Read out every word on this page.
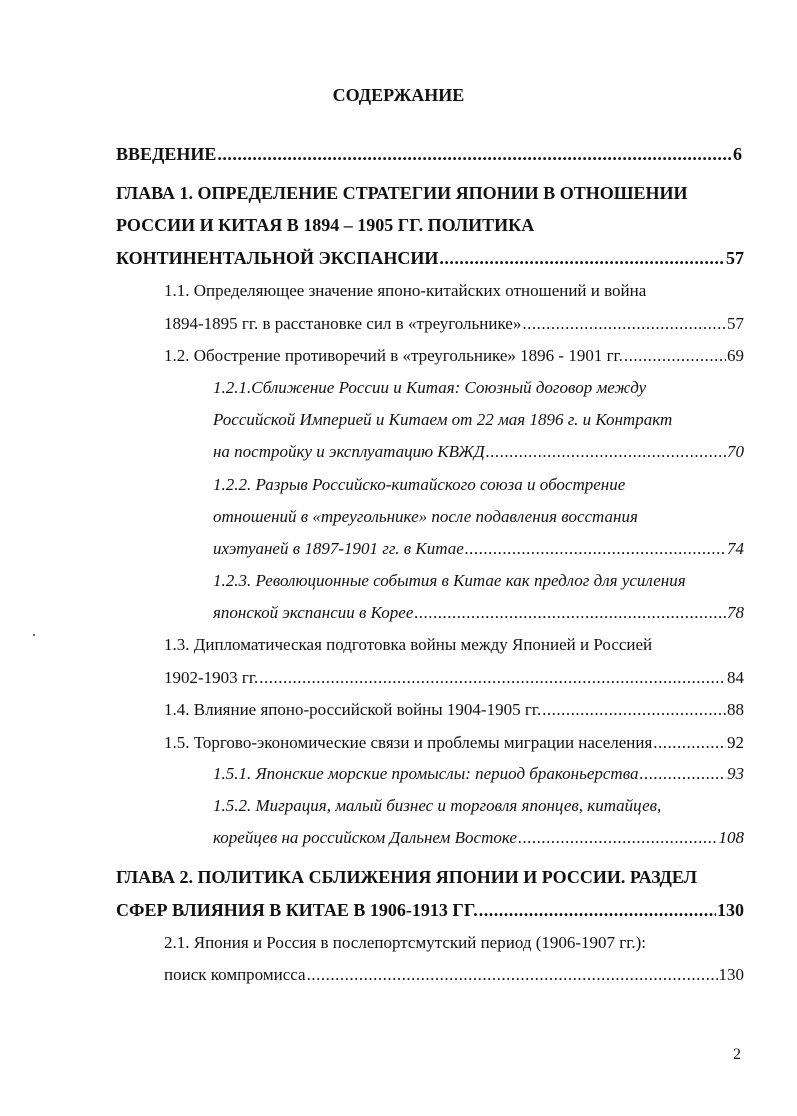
СОДЕРЖАНИЕ
ВВЕДЕНИЕ .....	6
ГЛАВА 1. ОПРЕДЕЛЕНИЕ СТРАТЕГИИ ЯПОНИИ В ОТНОШЕНИИ
РОССИИ И КИТАЯ В 1894 – 1905 ГГ. ПОЛИТИКА
КОНТИНЕНТАЛЬНОЙ ЭКСПАНСИИ .....	57
1.1. Определяющее значение японо-китайских отношений и война
1894-1895 гг. в расстановке сил в «треугольнике» .....	57
1.2. Обострение противоречий в «треугольнике» 1896 - 1901 гг. .....	69
1.2.1.Сближение России и Китая: Союзный договор между
Российской Империей и Китаем от 22 мая 1896 г. и Контракт
на постройку и эксплуатацию КВЖД .....	70
1.2.2. Разрыв Российско-китайского союза и обострение
отношений в «треугольнике» после подавления восстания
ихэтуаней в 1897-1901 гг. в Китае .....	74
1.2.3. Революционные события в Китае как предлог для усиления
японской экспансии в Корее .....	78
1.3. Дипломатическая подготовка войны между Японией и Россией
1902-1903 гг. .....	84
1.4. Влияние японо-российской войны 1904-1905 гг. .....	88
1.5. Торгово-экономические связи и проблемы миграции населения .....	92
1.5.1. Японские морские промыслы: период браконьерства .....	93
1.5.2. Миграция, малый бизнес и торговля японцев, китайцев,
корейцев на российском Дальнем Востоке .....	108
ГЛАВА 2. ПОЛИТИКА СБЛИЖЕНИЯ ЯПОНИИ И РОССИИ. РАЗДЕЛ
СФЕР ВЛИЯНИЯ В КИТАЕ В 1906-1913 ГГ. .....	130
2.1. Япония и Россия в послепортсмутский период (1906-1907 гг.):
поиск компромисса .....	130
2
